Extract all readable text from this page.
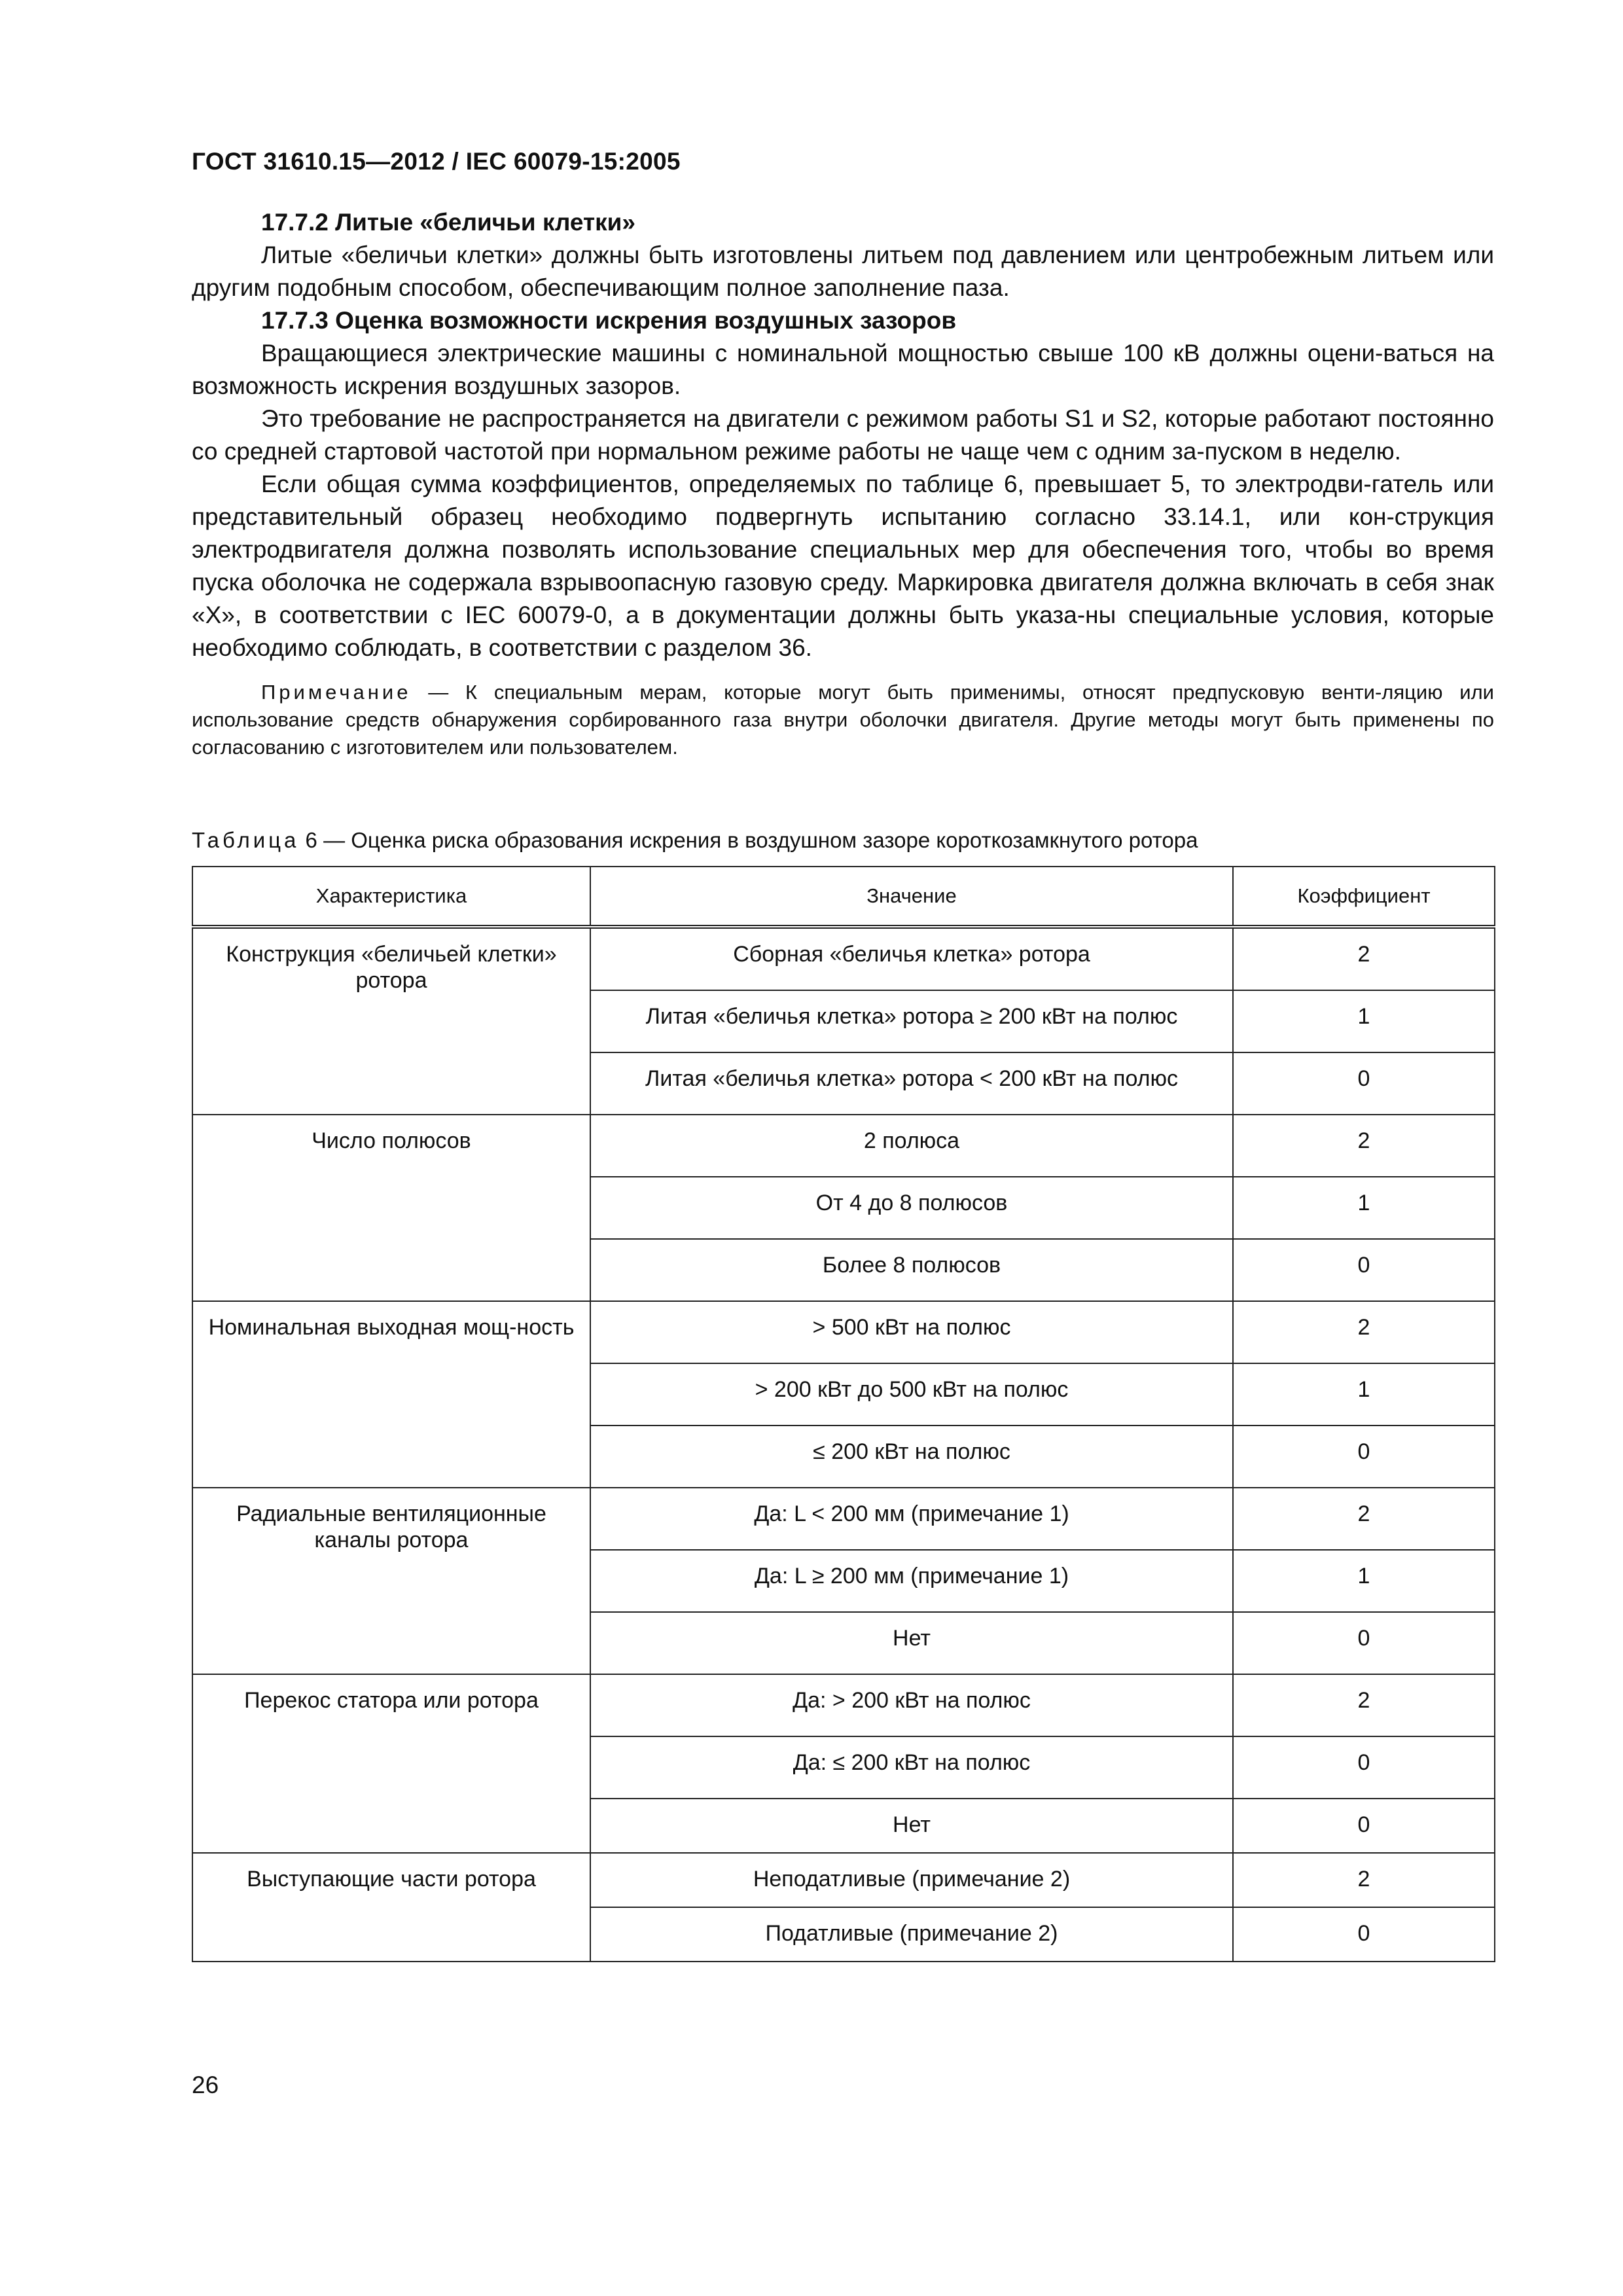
ГОСТ 31610.15—2012 / IEC 60079-15:2005

17.7.2 Литые «беличьи клетки»

Литые «беличьи клетки» должны быть изготовлены литьем под давлением или центробежным литьем или другим подобным способом, обеспечивающим полное заполнение паза.

17.7.3 Оценка возможности искрения воздушных зазоров

Вращающиеся электрические машины с номинальной мощностью свыше 100 кВ должны оцени-ваться на возможность искрения воздушных зазоров.

Это требование не распространяется на двигатели с режимом работы S1 и S2, которые работают постоянно со средней стартовой частотой при нормальном режиме работы не чаще чем с одним за-пуском в неделю.

Если общая сумма коэффициентов, определяемых по таблице 6, превышает 5, то электродви-гатель или представительный образец необходимо подвергнуть испытанию согласно 33.14.1, или кон-струкция электродвигателя должна позволять использование специальных мер для обеспечения того, чтобы во время пуска оболочка не содержала взрывоопасную газовую среду. Маркировка двигателя должна включать в себя знак «X», в соответствии с IEC 60079-0, а в документации должны быть указа-ны специальные условия, которые необходимо соблюдать, в соответствии с разделом 36.

Примечание — К специальным мерам, которые могут быть применимы, относят предпусковую венти-ляцию или использование средств обнаружения сорбированного газа внутри оболочки двигателя. Другие методы могут быть применены по согласованию с изготовителем или пользователем.

Таблица 6 — Оценка риска образования искрения в воздушном зазоре короткозамкнутого ротора
Характеристика	Значение	Коэффициент

Конструкция «беличьей клетки» ротора	Сборная «беличья клетка» ротора	2

	Литая «беличья клетка» ротора ≥ 200 кВт на полюс	1

	Литая «беличья клетка» ротора < 200 кВт на полюс	0

Число полюсов	2 полюса	2

	От 4 до 8 полюсов	1

	Более 8 полюсов	0

Номинальная выходная мощ-ность	> 500 кВт на полюс	2

	> 200 кВт до 500 кВт на полюс	1

	≤ 200 кВт на полюс	0

Радиальные вентиляционные каналы ротора	Да: L < 200 мм (примечание 1)	2

	Да: L ≥ 200 мм (примечание 1)	1

	Нет	0

Перекос статора или ротора	Да: > 200 кВт на полюс	2

	Да: ≤ 200 кВт на полюс	0

	Нет	0

Выступающие части ротора	Неподатливые (примечание 2)	2

	Податливые (примечание 2)	0
26
